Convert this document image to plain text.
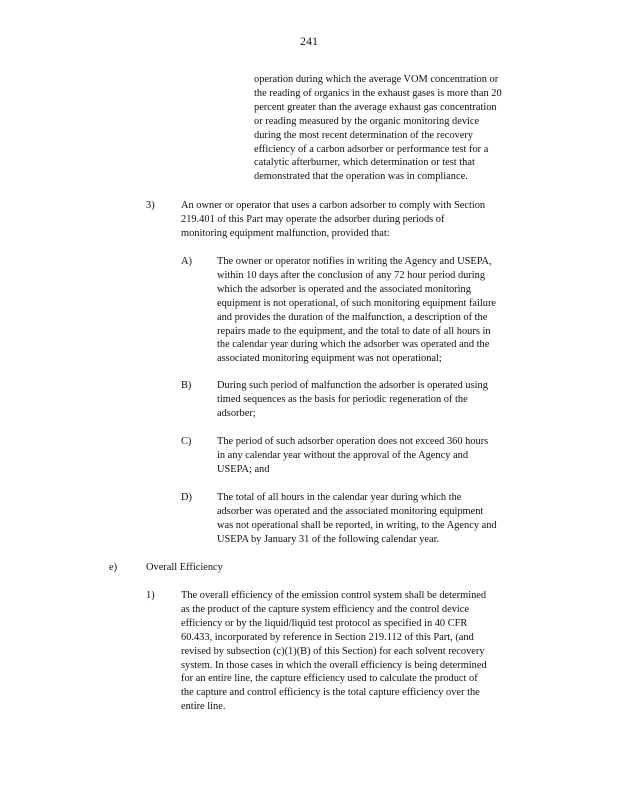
241

operation during which the average VOM concentration or

the reading of organics in the exhaust gases is more than 20

percent greater than the average exhaust gas concentration

or reading measured by the organic monitoring device

during the most recent determination of the recovery

efficiency of a carbon adsorber or performance test for a

catalytic afterburner, which determination or test that

demonstrated that the operation was in compliance.

3)	An owner or operator that uses a carbon adsorber to comply with Section

219.401 of this Part may operate the adsorber during periods of

monitoring equipment malfunction, provided that:

A) The owner or operator notifies in writing the Agency and USEPA,

within 10 days after the conclusion of any 72 hour period during

which the adsorber is operated and the associated monitoring

equipment is not operational, of such monitoring equipment failure

and provides the duration of the malfunction, a description of the

repairs made to the equipment, and the total to date of all hours in

the calendar year during which the adsorber was operated and the

associated monitoring equipment was not operational;

B) During such period of malfunction the adsorber is operated using

timed sequences as the basis for periodic regeneration of the

adsorber;

C) The period of such adsorber operation does not exceed 360 hours

in any calendar year without the approval of the Agency and

USEPA; and

D) The total of all hours in the calendar year during which the

adsorber was operated and the associated monitoring equipment

was not operational shall be reported, in writing, to the Agency and

USEPA by January 31 of the following calendar year.

e)	Overall Efficiency
1)	The overall efficiency of the emission control system shall be determined

as the product of the capture system efficiency and the control device

efficiency or by the liquid/liquid test protocol as specified in 40 CFR

60.433, incorporated by reference in Section 219.112 of this Part, (and

revised by subsection (c)(1)(B) of this Section) for each solvent recovery

system. In those cases in which the overall efficiency is being determined

for an entire line, the capture efficiency used to calculate the product of

the capture and control efficiency is the total capture efficiency over the

entire line.
